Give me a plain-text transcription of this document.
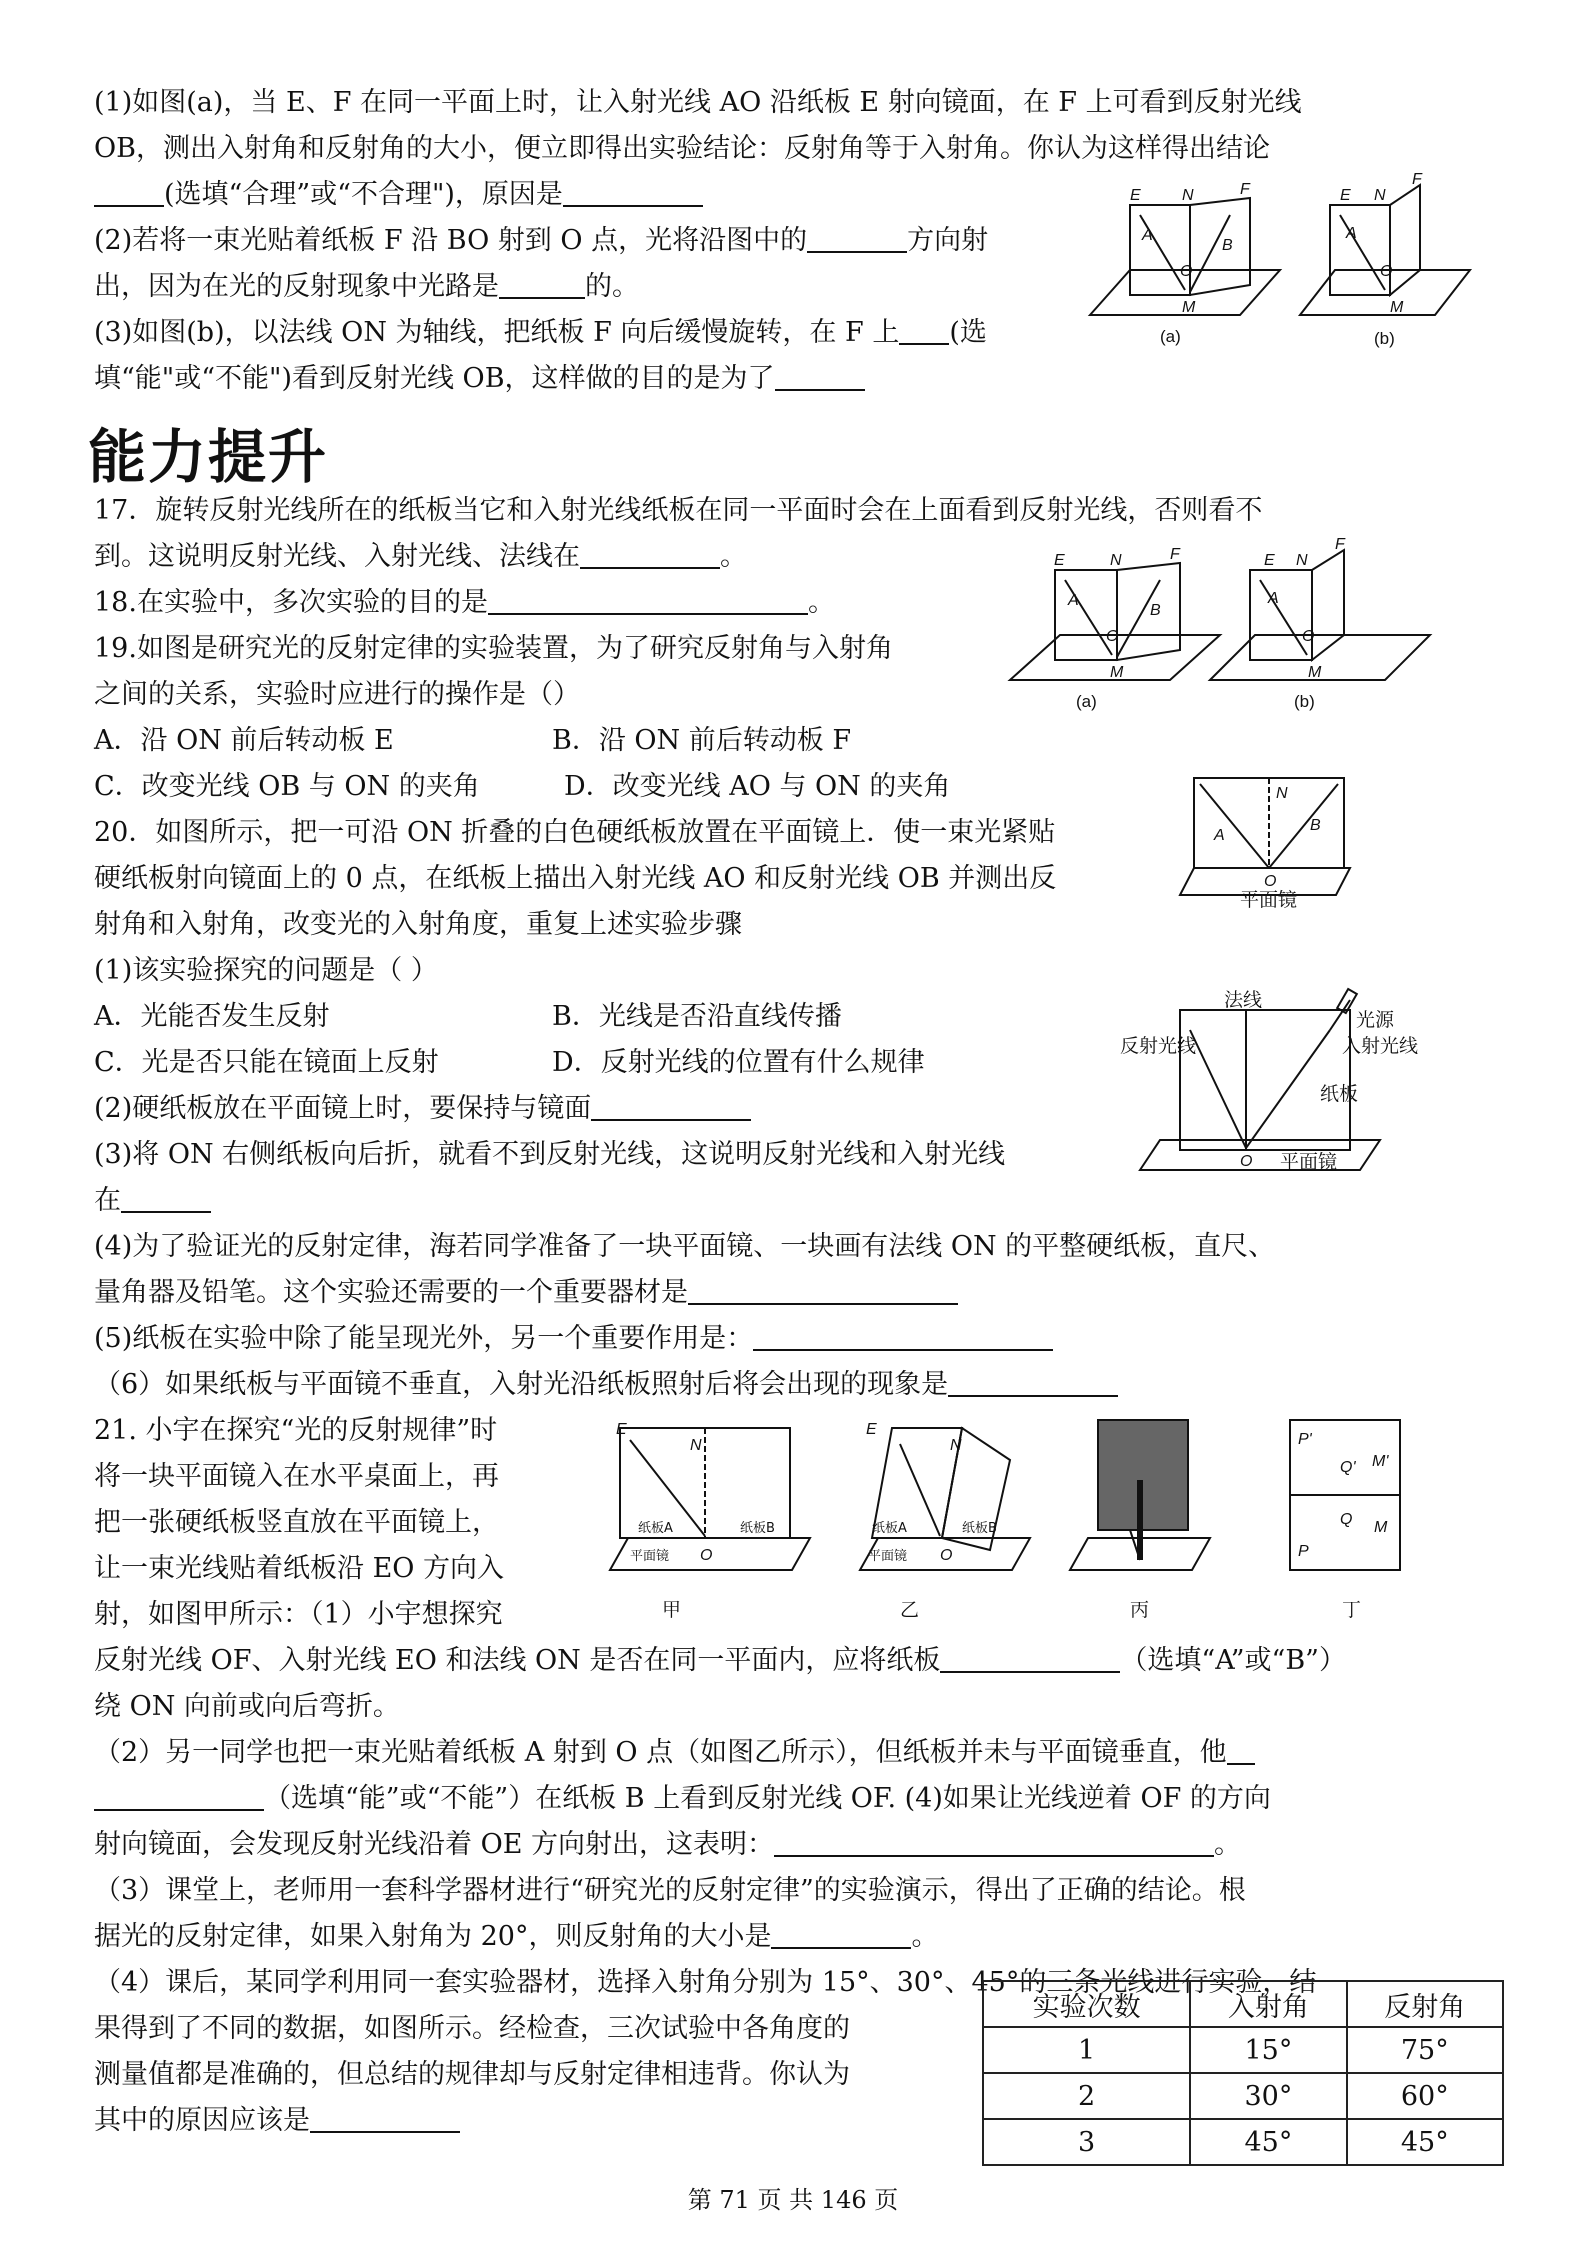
(1)如图(a)，当 E、F 在同一平面上时，让入射光线 AO 沿纸板 E 射向镜面，在 F 上可看到反射光线
OB，测出入射角和反射角的大小，便立即得出实验结论：反射角等于入射角。你认为这样得出结论
(选填“合理”或“不合理")，原因是
(2)若将一束光贴着纸板 F 沿 BO 射到 O 点，光将沿图中的	方向射
出，因为在光的反射现象中光路是	的。
(3)如图(b)，以法线 ON 为轴线，把纸板 F 向后缓慢旋转，在 F 上 (选
填“能"或“不能")看到反射光线 OB，这样做的目的是为了
E	N	F
A
B
O
M
(a)
E N
F
A
O
M
(b)
能力提升
17．旋转反射光线所在的纸板当它和入射光线纸板在同一平面时会在上面看到反射光线，否则看不
到。这说明反射光线、入射光线、法线在	。
18.在实验中，多次实验的目的是	。
19.如图是研究光的反射定律的实验装置，为了研究反射角与入射角
之间的关系，实验时应进行的操作是（）
A．沿 ON 前后转动板 E	B．沿 ON 前后转动板 F
C．改变光线 OB 与 ON 的夹角	D．改变光线 AO 与 ON 的夹角
E	N	F
A
B
O
M
(a)
E N
F
A
O
M
(b)
20．如图所示，把一可沿 ON 折叠的白色硬纸板放置在平面镜上．使一束光紧贴
硬纸板射向镜面上的 0 点，在纸板上描出入射光线 AO 和反射光线 OB 并测出反
射角和入射角，改变光的入射角度，重复上述实验步骤
(1)该实验探究的问题是（ ）
A．光能否发生反射	B．光线是否沿直线传播
C．光是否只能在镜面上反射	D．反射光线的位置有什么规律
(2)硬纸板放在平面镜上时，要保持与镜面
(3)将 ON 右侧纸板向后折，就看不到反射光线，这说明反射光线和入射光线
在
(4)为了验证光的反射定律，海若同学准备了一块平面镜、一块画有法线 ON 的平整硬纸板，直尺、
量角器及铅笔。这个实验还需要的一个重要器材是
(5)纸板在实验中除了能呈现光外，另一个重要作用是：
（6）如果纸板与平面镜不垂直，入射光沿纸板照射后将会出现的现象是
N
A
B
O
平面镜
法线
光源
反射光线	入射光线
纸板
O 平面镜
21. 小宇在探究“光的反射规律”时
将一块平面镜入在水平桌面上，再
把一张硬纸板竖直放在平面镜上，
让一束光线贴着纸板沿 EO 方向入
射，如图甲所示：（1）小宇想探究
反射光线 OF、入射光线 EO 和法线 ON 是否在同一平面内，应将纸板	（选填“A”或“B”）
绕 ON 向前或向后弯折。
（2）另一同学也把一束光贴着纸板 A 射到 O 点（如图乙所示），但纸板并未与平面镜垂直，他
（选填“能”或“不能”）在纸板 B 上看到反射光线 OF. (4)如果让光线逆着 OF 的方向
射向镜面，会发现反射光线沿着 OE 方向射出，这表明：	。
（3）课堂上，老师用一套科学器材进行“研究光的反射定律”的实验演示，得出了正确的结论。根
据光的反射定律，如果入射角为 20°，则反射角的大小是	。
（4）课后，某同学利用同一套实验器材，选择入射角分别为 15°、30°、45°的三条光线进行实验，结
果得到了不同的数据，如图所示。经检查，三次试验中各角度的
测量值都是准确的，但总结的规律却与反射定律相违背。你认为
其中的原因应该是
E
N
纸板A	纸板B
平面镜 O
甲
E
N
纸板A	纸板B
平面镜 O
乙	丙
P'
Q' M'
Q M
P
丁
实验次数	入射角	反射角
1	15°	75°
2	30°	60°
3	45°	45°
第 71 页 共 146 页
